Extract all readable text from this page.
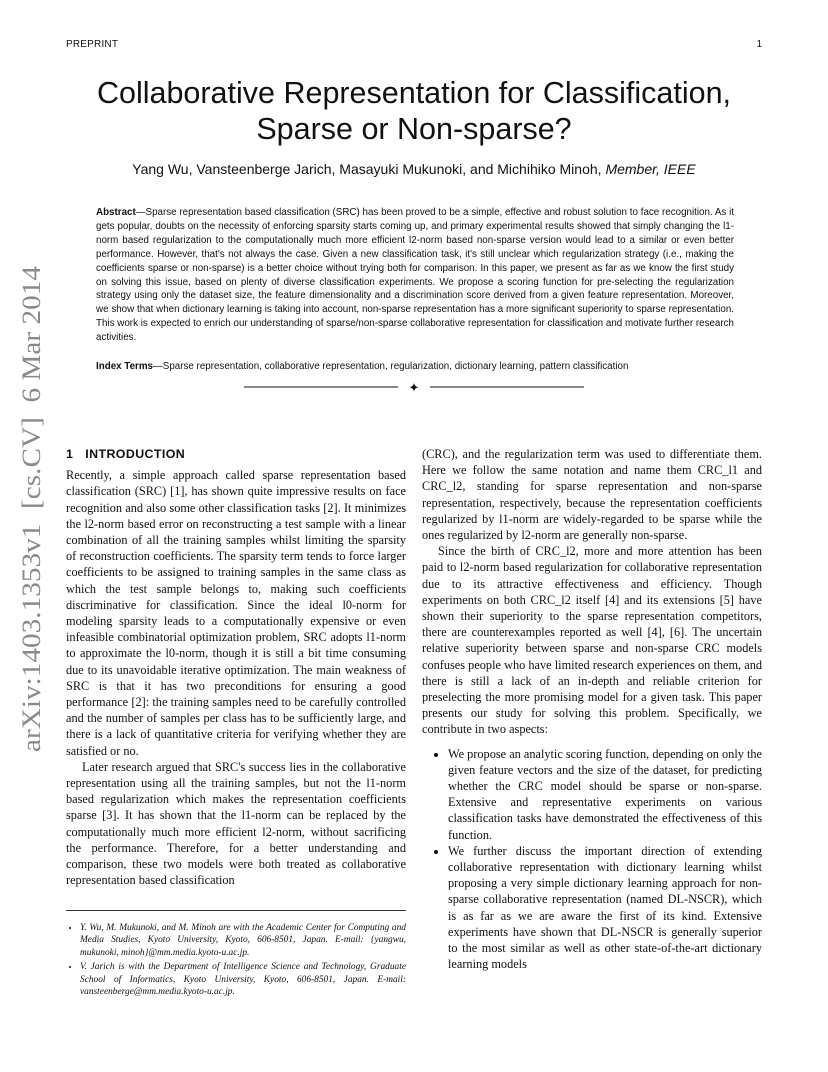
PREPRINT	1
arXiv:1403.1353v1  [cs.CV]  6 Mar 2014
Collaborative Representation for Classification,
Sparse or Non-sparse?
Yang Wu, Vansteenberge Jarich, Masayuki Mukunoki, and Michihiko Minoh, Member, IEEE

Abstract—Sparse representation based classification (SRC) has been proved to be a simple, effective and robust solution to face recognition. As it gets popular, doubts on the necessity of enforcing sparsity starts coming up, and primary experimental results showed that simply changing the l1-norm based regularization to the computationally much more efficient l2-norm based non-sparse version would lead to a similar or even better performance. However, that's not always the case. Given a new classification task, it's still unclear which regularization strategy (i.e., making the coefficients sparse or non-sparse) is a better choice without trying both for comparison. In this paper, we present as far as we know the first study on solving this issue, based on plenty of diverse classification experiments. We propose a scoring function for pre-selecting the regularization strategy using only the dataset size, the feature dimensionality and a discrimination score derived from a given feature representation. Moreover, we show that when dictionary learning is taking into account, non-sparse representation has a more significant superiority to sparse representation. This work is expected to enrich our understanding of sparse/non-sparse collaborative representation for classification and motivate further research activities.

Index Terms—Sparse representation, collaborative representation, regularization, dictionary learning, pattern classification

✦
1 INTRODUCTION

Recently, a simple approach called sparse representation based classification (SRC) [1], has shown quite impressive results on face recognition and also some other classification tasks [2]. It minimizes the l2-norm based error on reconstructing a test sample with a linear combination of all the training samples whilst limiting the sparsity of reconstruction coefficients. The sparsity term tends to force larger coefficients to be assigned to training samples in the same class as which the test sample belongs to, making such coefficients discriminative for classification. Since the ideal l0-norm for modeling sparsity leads to a computationally expensive or even infeasible combinatorial optimization problem, SRC adopts l1-norm to approximate the l0-norm, though it is still a bit time consuming due to its unavoidable iterative optimization. The main weakness of SRC is that it has two preconditions for ensuring a good performance [2]: the training samples need to be carefully controlled and the number of samples per class has to be sufficiently large, and there is a lack of quantitative criteria for verifying whether they are satisfied or no.

Later research argued that SRC's success lies in the collaborative representation using all the training samples, but not the l1-norm based regularization which makes the representation coefficients sparse [3]. It has shown that the l1-norm can be replaced by the computationally much more efficient l2-norm, without sacrificing the performance. Therefore, for a better understanding and comparison, these two models were both treated as collaborative representation based classification

• Y. Wu, M. Mukunoki, and M. Minoh are with the Academic Center for Computing and Media Studies, Kyoto University, Kyoto, 606-8501, Japan. E-mail: {yangwu, mukunoki, minoh}@mm.media.kyoto-u.ac.jp.
• V. Jarich is with the Department of Intelligence Science and Technology, Graduate School of Informatics, Kyoto University, Kyoto, 606-8501, Japan. E-mail: vansteenberge@mm.media.kyoto-u.ac.jp.

(CRC), and the regularization term was used to differentiate them. Here we follow the same notation and name them CRC_l1 and CRC_l2, standing for sparse representation and non-sparse representation, respectively, because the representation coefficients regularized by l1-norm are widely-regarded to be sparse while the ones regularized by l2-norm are generally non-sparse.

Since the birth of CRC_l2, more and more attention has been paid to l2-norm based regularization for collaborative representation due to its attractive effectiveness and efficiency. Though experiments on both CRC_l2 itself [4] and its extensions [5] have shown their superiority to the sparse representation competitors, there are counterexamples reported as well [4], [6]. The uncertain relative superiority between sparse and non-sparse CRC models confuses people who have limited research experiences on them, and there is still a lack of an in-depth and reliable criterion for preselecting the more promising model for a given task. This paper presents our study for solving this problem. Specifically, we contribute in two aspects:

• We propose an analytic scoring function, depending on only the given feature vectors and the size of the dataset, for predicting whether the CRC model should be sparse or non-sparse. Extensive and representative experiments on various classification tasks have demonstrated the effectiveness of this function.
• We further discuss the important direction of extending collaborative representation with dictionary learning whilst proposing a very simple dictionary learning approach for non-sparse collaborative representation (named DL-NSCR), which is as far as we are aware the first of its kind. Extensive experiments have shown that DL-NSCR is generally superior to the most similar as well as other state-of-the-art dictionary learning models
